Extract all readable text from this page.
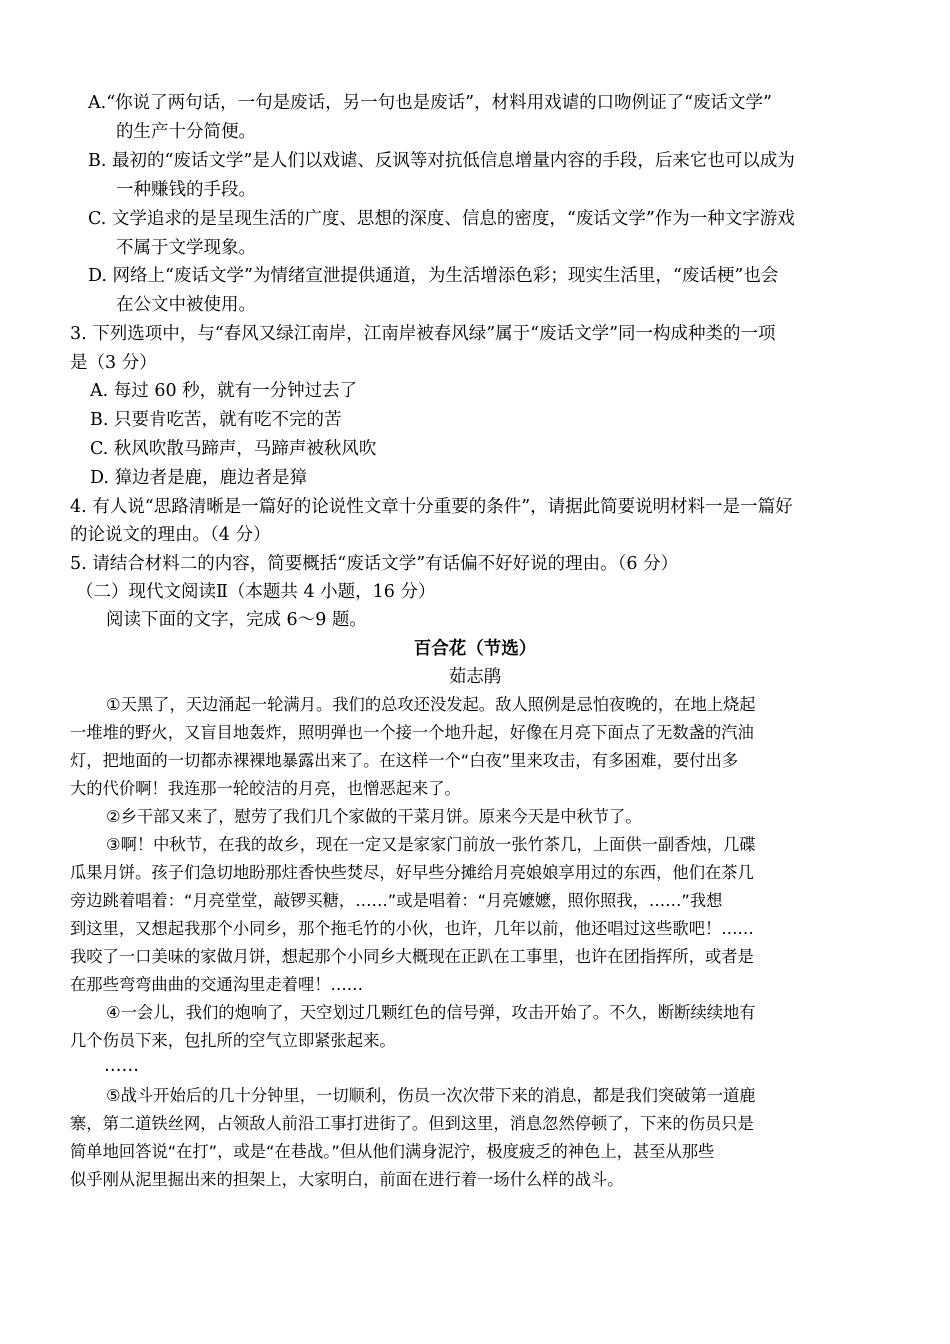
A.“你说了两句话，一句是废话，另一句也是废话”，材料用戏谑的口吻例证了“废话文学”

的生产十分简便。

B. 最初的“废话文学”是人们以戏谑、反讽等对抗低信息增量内容的手段，后来它也可以成为

一种赚钱的手段。

C. 文学追求的是呈现生活的广度、思想的深度、信息的密度，“废话文学”作为一种文字游戏

不属于文学现象。

D. 网络上“废话文学”为情绪宣泄提供通道，为生活增添色彩；现实生活里，“废话梗”也会

在公文中被使用。

3. 下列选项中，与“春风又绿江南岸，江南岸被春风绿”属于“废话文学”同一构成种类的一项

是（3 分）

A. 每过 60 秒，就有一分钟过去了

B. 只要肯吃苦，就有吃不完的苦

C. 秋风吹散马蹄声，马蹄声被秋风吹

D. 獐边者是鹿，鹿边者是獐

4. 有人说“思路清晰是一篇好的论说性文章十分重要的条件”，请据此简要说明材料一是一篇好

的论说文的理由。（4 分）

5. 请结合材料二的内容，简要概括“废话文学”有话偏不好好说的理由。（6 分）

（二）现代文阅读Ⅱ（本题共 4 小题，16 分）

阅读下面的文字，完成 6～9 题。

百合花（节选）

茹志鹃

①天黑了，天边涌起一轮满月。我们的总攻还没发起。敌人照例是忌怕夜晚的，在地上烧起

一堆堆的野火，又盲目地轰炸，照明弹也一个接一个地升起，好像在月亮下面点了无数盏的汽油

灯，把地面的一切都赤裸裸地暴露出来了。在这样一个“白夜”里来攻击，有多困难，要付出多

大的代价啊！我连那一轮皎洁的月亮，也憎恶起来了。

②乡干部又来了，慰劳了我们几个家做的干菜月饼。原来今天是中秋节了。

③啊！中秋节，在我的故乡，现在一定又是家家门前放一张竹茶几，上面供一副香烛，几碟

瓜果月饼。孩子们急切地盼那炷香快些焚尽，好早些分摊给月亮娘娘享用过的东西，他们在茶几

旁边跳着唱着：“月亮堂堂，敲锣买糖，……”或是唱着：“月亮嬷嬷，照你照我，……”我想

到这里，又想起我那个小同乡，那个拖毛竹的小伙，也许，几年以前，他还唱过这些歌吧！……

我咬了一口美味的家做月饼，想起那个小同乡大概现在正趴在工事里，也许在团指挥所，或者是

在那些弯弯曲曲的交通沟里走着哩！……

④一会儿，我们的炮响了，天空划过几颗红色的信号弹，攻击开始了。不久，断断续续地有

几个伤员下来，包扎所的空气立即紧张起来。

……

⑤战斗开始后的几十分钟里，一切顺利，伤员一次次带下来的消息，都是我们突破第一道鹿

寨，第二道铁丝网，占领敌人前沿工事打进街了。但到这里，消息忽然停顿了，下来的伤员只是

简单地回答说“在打”，或是“在巷战。”但从他们满身泥泞，极度疲乏的神色上，甚至从那些

似乎刚从泥里掘出来的担架上，大家明白，前面在进行着一场什么样的战斗。
